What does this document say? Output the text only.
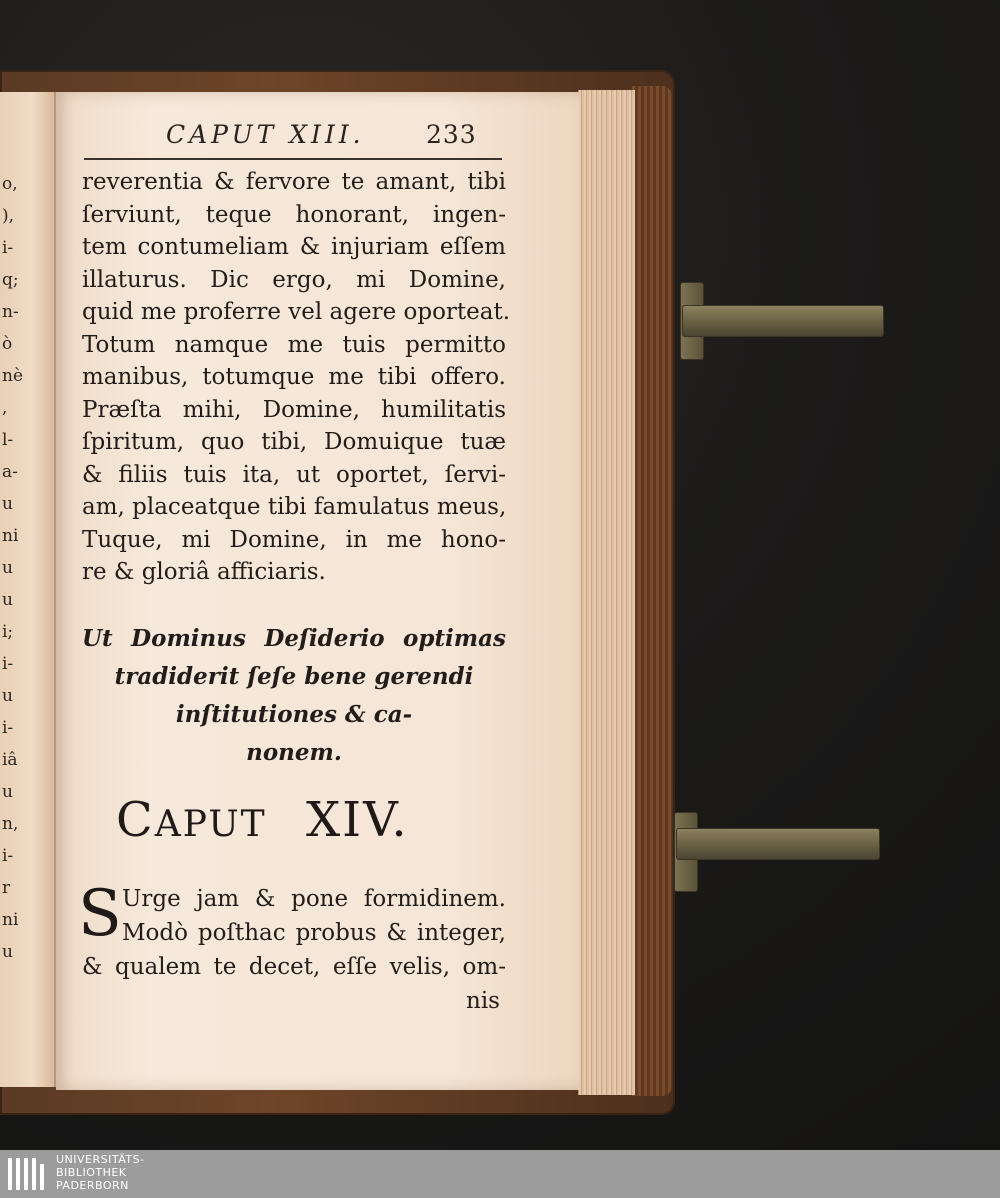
o,
),
i-
q;
n-
ò
nè
,
l-
a-
u
ni
u
u
i;
i-
u
i-
iâ
u
n,
i-
r
ni
u
CAPUT XIII. 233
reverentia & fervore te amant, tibi
ſerviunt, teque honorant, ingen-
tem contumeliam & injuriam eſſem
illaturus. Dic ergo, mi Domine,
quid me proferre vel agere oporteat.
Totum namque me tuis permitto
manibus, totumque me tibi offero.
Præſta mihi, Domine, humilitatis
ſpiritum, quo tibi, Domuique tuæ
& filiis tuis ita, ut oportet, ſervi-
am, placeatque tibi famulatus meus,
Tuque, mi Domine, in me hono-
re & gloriâ afficiaris.
Ut Dominus Deſiderio optimas
tradiderit ſeſe bene gerendi
inſtitutiones & ca-
nonem.
CAPUT XIV.
S Urge jam & pone formidinem.
Modò poſthac probus & integer,
& qualem te decet, eſſe velis, om-
nis
UNIVERSITÄTS-
BIBLIOTHEK
PADERBORN
